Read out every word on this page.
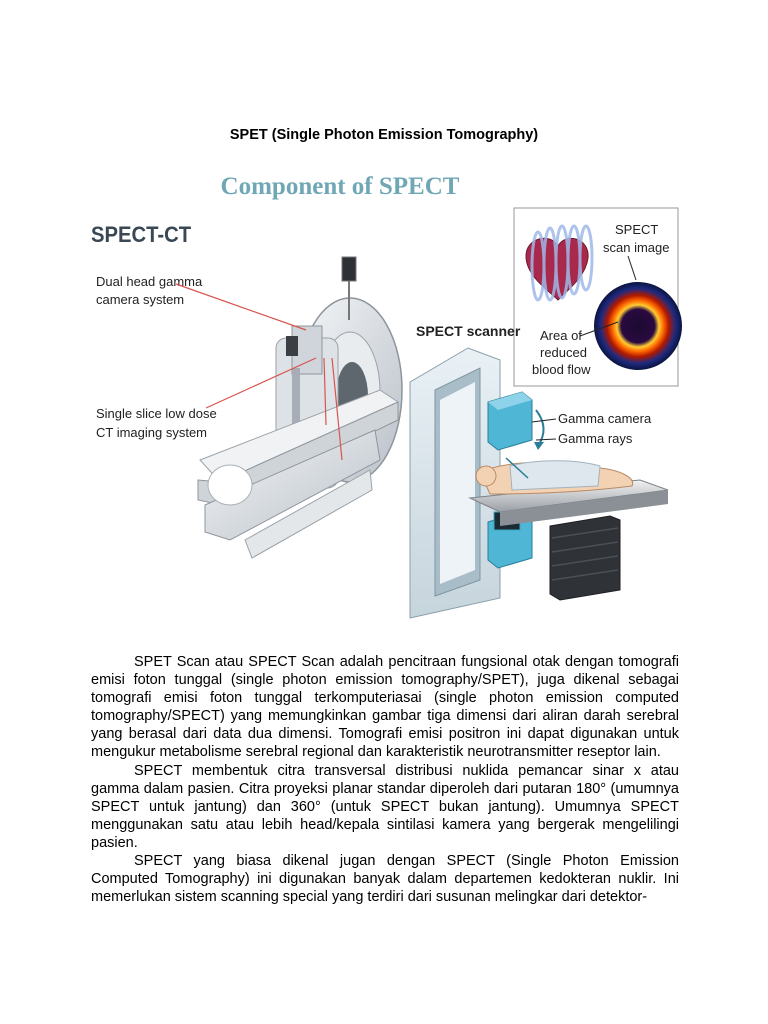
SPET (Single Photon Emission Tomography)
Component of SPECT
SPECT-CT
Dual head gamma
camera system
Single slice low dose
CT imaging system
SPECT
scan image
Area of
reduced
blood flow
SPECT scanner
Gamma camera
Gamma rays

SPET Scan atau SPECT Scan adalah pencitraan fungsional otak dengan tomografi emisi foton tunggal (single photon emission tomography/SPET), juga dikenal sebagai tomografi emisi foton tunggal terkomputeriasai (single photon emission computed tomography/SPECT) yang memungkinkan gambar tiga dimensi dari aliran darah serebral yang berasal dari data dua dimensi. Tomografi emisi positron ini dapat digunakan untuk mengukur metabolisme serebral regional dan karakteristik neurotransmitter reseptor lain.

SPECT membentuk citra transversal distribusi nuklida pemancar sinar x atau gamma dalam pasien. Citra proyeksi planar standar diperoleh dari putaran 180° (umumnya SPECT untuk jantung) dan 360° (untuk SPECT bukan jantung). Umumnya SPECT menggunakan satu atau lebih head/kepala sintilasi kamera yang bergerak mengelilingi pasien.

SPECT yang biasa dikenal jugan dengan SPECT (Single Photon Emission Computed Tomography) ini digunakan banyak dalam departemen kedokteran nuklir. Ini memerlukan sistem scanning special yang terdiri dari susunan melingkar dari detektor-
